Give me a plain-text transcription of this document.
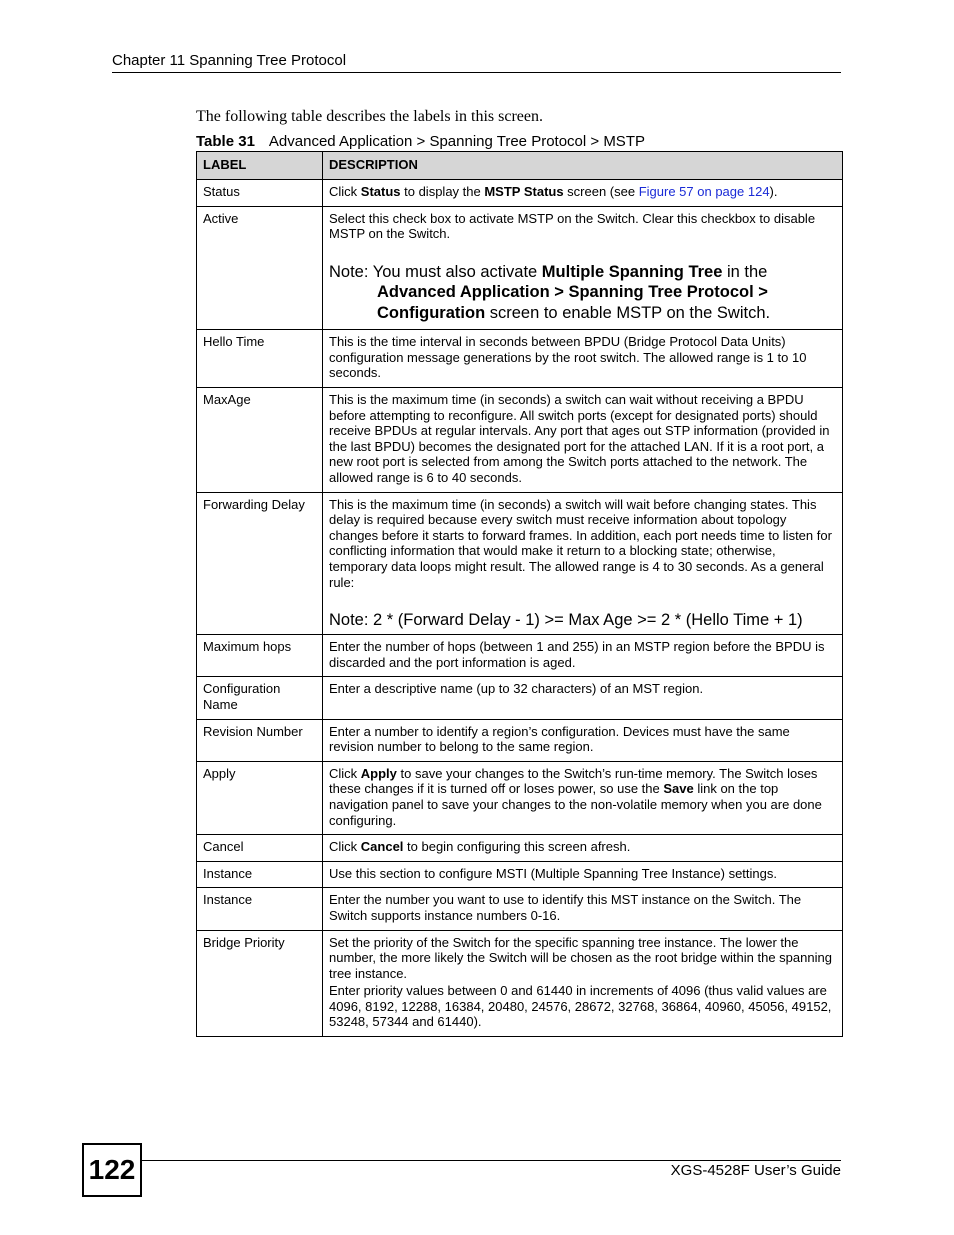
Chapter 11 Spanning Tree Protocol
The following table describes the labels in this screen.
Table 31 Advanced Application > Spanning Tree Protocol > MSTP
LABEL	DESCRIPTION
Status	Click Status to display the MSTP Status screen (see Figure 57 on page 124).
Active	Select this check box to activate MSTP on the Switch. Clear this checkbox to disable MSTP on the Switch.
Note: You must also activate Multiple Spanning Tree in the
Advanced Application > Spanning Tree Protocol >
Configuration screen to enable MSTP on the Switch.

Hello Time	This is the time interval in seconds between BPDU (Bridge Protocol Data Units) configuration message generations by the root switch. The allowed range is 1 to 10 seconds.
MaxAge	This is the maximum time (in seconds) a switch can wait without receiving a BPDU before attempting to reconfigure. All switch ports (except for designated ports) should receive BPDUs at regular intervals. Any port that ages out STP information (provided in the last BPDU) becomes the designated port for the attached LAN. If it is a root port, a new root port is selected from among the Switch ports attached to the network. The allowed range is 6 to 40 seconds.
Forwarding Delay	This is the maximum time (in seconds) a switch will wait before changing states. This delay is required because every switch must receive information about topology changes before it starts to forward frames. In addition, each port needs time to listen for conflicting information that would make it return to a blocking state; otherwise, temporary data loops might result. The allowed range is 4 to 30 seconds. As a general rule:
Note: 2 * (Forward Delay - 1) >= Max Age >= 2 * (Hello Time + 1)

Maximum hops	Enter the number of hops (between 1 and 255) in an MSTP region before the BPDU is discarded and the port information is aged.
Configuration Name	Enter a descriptive name (up to 32 characters) of an MST region.
Revision Number	Enter a number to identify a region’s configuration. Devices must have the same revision number to belong to the same region.
Apply	Click Apply to save your changes to the Switch’s run-time memory. The Switch loses these changes if it is turned off or loses power, so use the Save link on the top navigation panel to save your changes to the non-volatile memory when you are done configuring.
Cancel	Click Cancel to begin configuring this screen afresh.
Instance	Use this section to configure MSTI (Multiple Spanning Tree Instance) settings.
Instance	Enter the number you want to use to identify this MST instance on the Switch. The Switch supports instance numbers 0-16.
Bridge Priority	Set the priority of the Switch for the specific spanning tree instance. The lower the number, the more likely the Switch will be chosen as the root bridge within the spanning tree instance.
Enter priority values between 0 and 61440 in increments of 4096 (thus valid values are 4096, 8192, 12288, 16384, 20480, 24576, 28672, 32768, 36864, 40960, 45056, 49152, 53248, 57344 and 61440).
122	XGS-4528F User’s Guide
